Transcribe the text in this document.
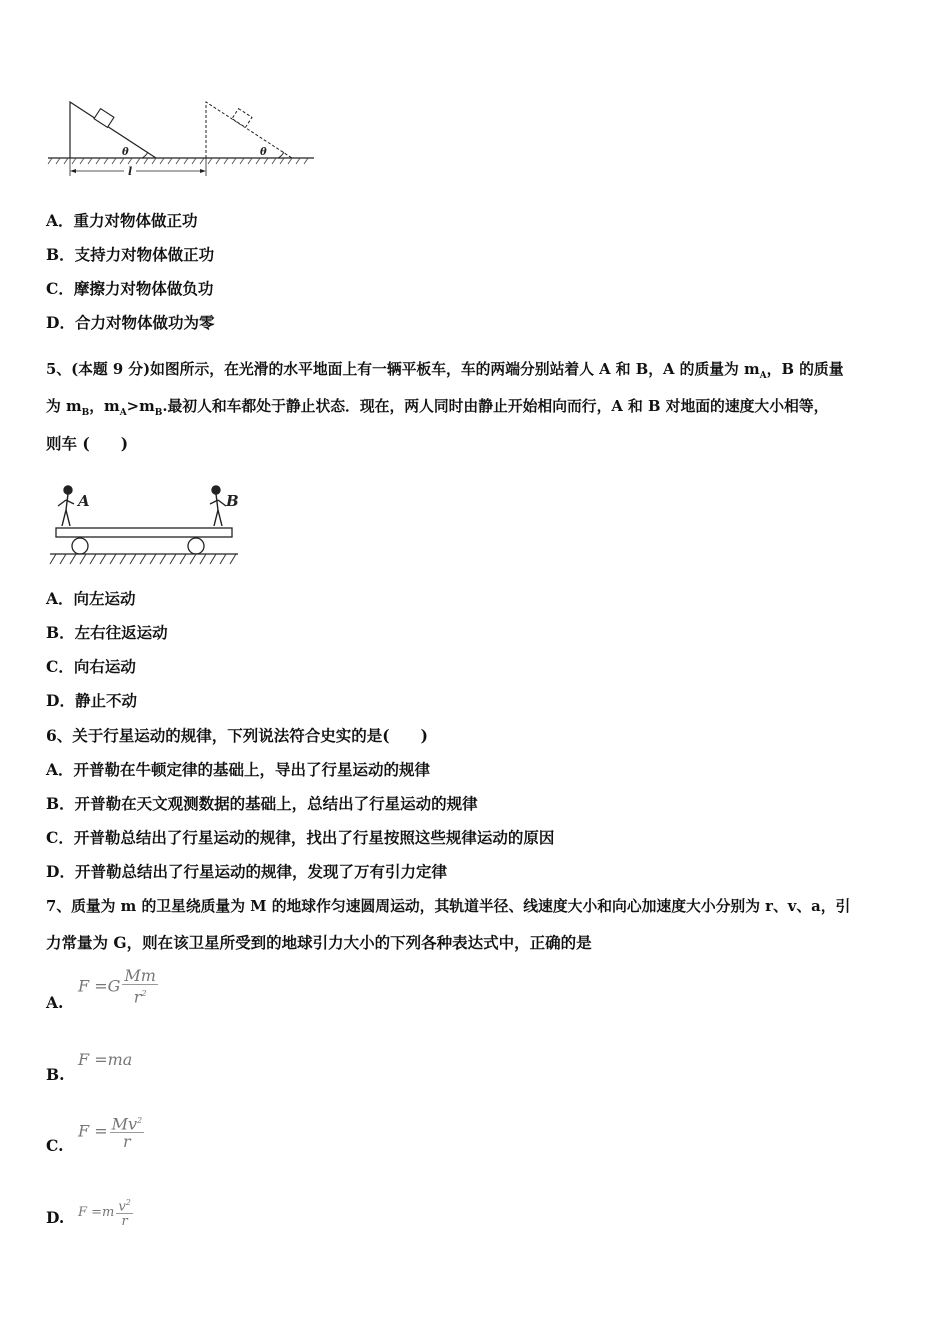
θ	θ
l
A．重力对物体做正功
B．支持力对物体做正功
C．摩擦力对物体做负功
D．合力对物体做功为零
5、(本题 9 分)如图所示，在光滑的水平地面上有一辆平板车，车的两端分别站着人 A 和 B，A 的质量为 $m_A$，B 的质量
为 $m_B$，$m_A>m_B$.最初人和车都处于静止状态．现在，两人同时由静止开始相向而行，A 和 B 对地面的速度大小相等，
则车 (　　)
A	B
A．向左运动
B．左右往返运动
C．向右运动
D．静止不动
6、关于行星运动的规律，下列说法符合史实的是(　　)
A．开普勒在牛顿定律的基础上，导出了行星运动的规律
B．开普勒在天文观测数据的基础上，总结出了行星运动的规律
C．开普勒总结出了行星运动的规律，找出了行星按照这些规律运动的原因
D．开普勒总结出了行星运动的规律，发现了万有引力定律
7、质量为 m 的卫星绕质量为 M 的地球作匀速圆周运动，其轨道半径、线速度大小和向心加速度大小分别为 r、v、a，引
力常量为 G，则在该卫星所受到的地球引力大小的下列各种表达式中，正确的是
A.
$F =G \frac{Mm}{r^2}$
B.
F =ma
C.
$F = \frac{Mv^2}{r}$
D. $F =m \frac{v^2}{r}$
